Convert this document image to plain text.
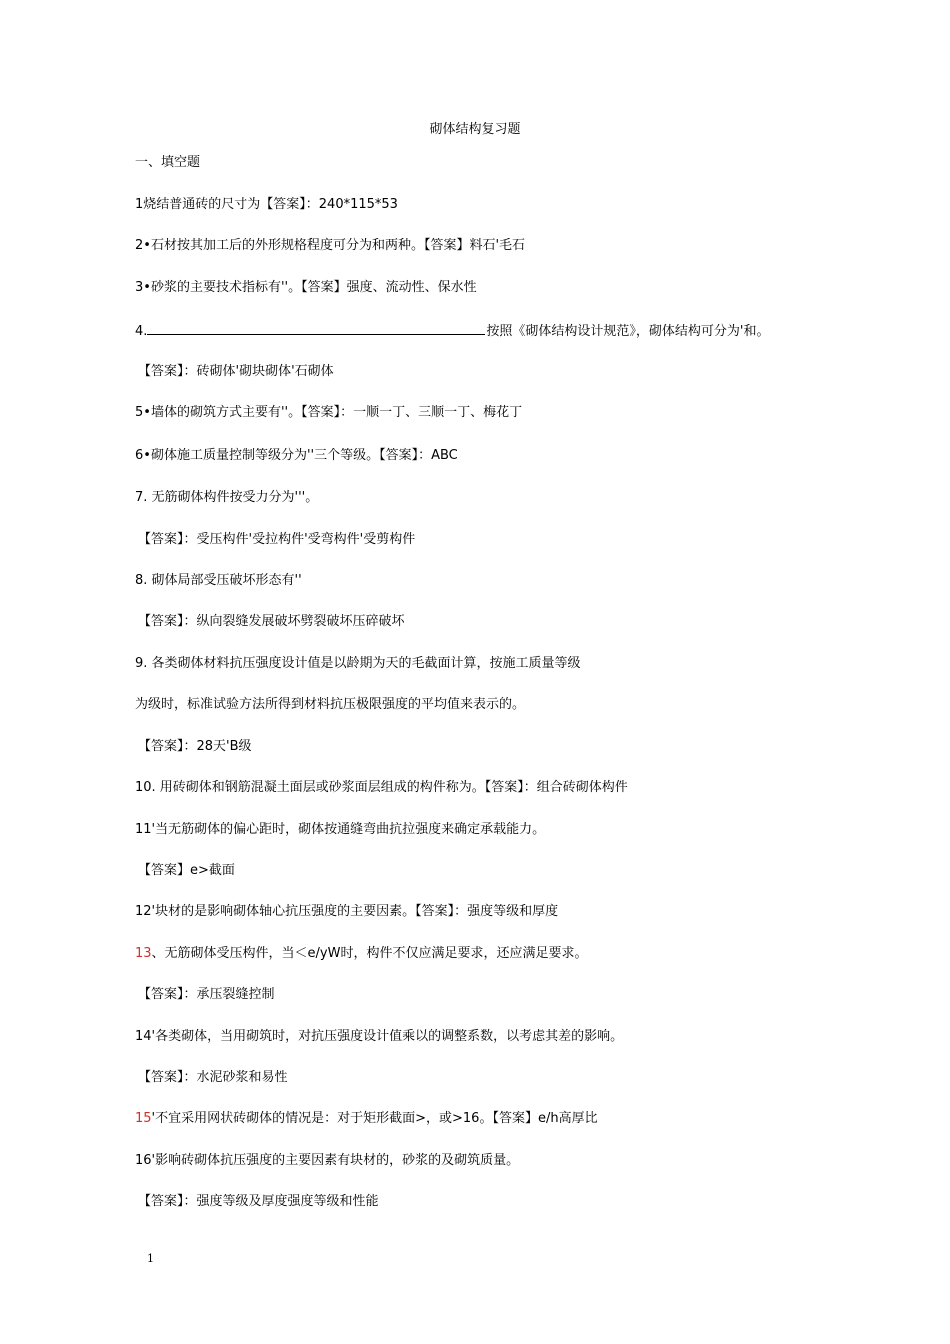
砌体结构复习题
一、填空题
1烧结普通砖的尺寸为【答案】：240*115*53
2•石材按其加工后的外形规格程度可分为和两种。【答案】料石'毛石
3•砂浆的主要技术指标有''。【答案】强度、流动性、保水性
4.	按照《砌体结构设计规范》，砌体结构可分为'和。
【答案】：砖砌体'砌块砌体'石砌体
5•墙体的砌筑方式主要有''。【答案】：一顺一丁、三顺一丁、梅花丁
6•砌体施工质量控制等级分为''三个等级。【答案】：ABC
7. 无筋砌体构件按受力分为'''。
【答案】：受压构件'受拉构件'受弯构件'受剪构件
8. 砌体局部受压破坏形态有''
【答案】：纵向裂缝发展破坏劈裂破坏压碎破坏
9. 各类砌体材料抗压强度设计值是以龄期为天的毛截面计算，按施工质量等级
为级时，标准试验方法所得到材料抗压极限强度的平均值来表示的。
【答案】：28天'B级
10. 用砖砌体和钢筋混凝土面层或砂浆面层组成的构件称为。【答案】：组合砖砌体构件
11'当无筋砌体的偏心距时，砌体按通缝弯曲抗拉强度来确定承载能力。
【答案】e>截面
12'块材的是影响砌体轴心抗压强度的主要因素。【答案】：强度等级和厚度
13、无筋砌体受压构件，当＜e/yW时，构件不仅应满足要求，还应满足要求。
【答案】：承压裂缝控制
14'各类砌体，当用砌筑时，对抗压强度设计值乘以的调整系数，以考虑其差的影响。
【答案】：水泥砂浆和易性
15'不宜采用网状砖砌体的情况是：对于矩形截面>，或>16。【答案】e/h高厚比
16'影响砖砌体抗压强度的主要因素有块材的，砂浆的及砌筑质量。
【答案】：强度等级及厚度强度等级和性能
1
